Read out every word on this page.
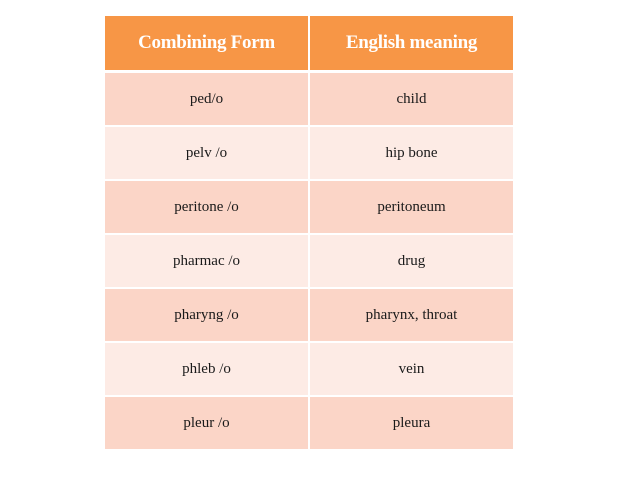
Combining Form	English meaning
ped/o	child
pelv /o	hip bone
peritone /o	peritoneum
pharmac /o	drug
pharyng /o	pharynx, throat
phleb /o	vein
pleur /o	pleura
